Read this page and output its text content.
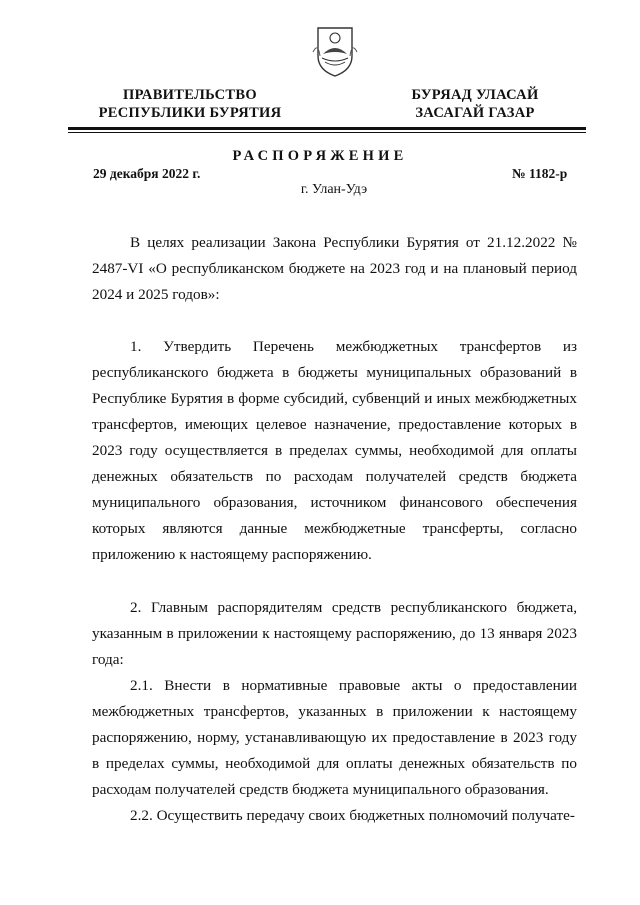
ПРАВИТЕЛЬСТВО
РЕСПУБЛИКИ БУРЯТИЯ
БУРЯАД УЛАСАЙ
ЗАСАГАЙ ГАЗАР
РАСПОРЯЖЕНИЕ
29 декабря 2022 г.	№ 1182-р
г. Улан-Удэ
В целях реализации Закона Республики Бурятия от 21.12.2022 № 2487-VI «О республиканском бюджете на 2023 год и на плановый период 2024 и 2025 годов»:
1. Утвердить Перечень межбюджетных трансфертов из республиканского бюджета в бюджеты муниципальных образований в Республике Бурятия в форме субсидий, субвенций и иных межбюджетных трансфертов, имеющих целевое назначение, предоставление которых в 2023 году осуществляется в пределах суммы, необходимой для оплаты денежных обязательств по расходам получателей средств бюджета муниципального образования, источником финансового обеспечения которых являются данные межбюджетные трансферты, согласно приложению к настоящему распоряжению.
2. Главным распорядителям средств республиканского бюджета, указанным в приложении к настоящему распоряжению, до 13 января 2023 года:
2.1. Внести в нормативные правовые акты о предоставлении межбюджетных трансфертов, указанных в приложении к настоящему распоряжению, норму, устанавливающую их предоставление в 2023 году в пределах суммы, необходимой для оплаты денежных обязательств по расходам получателей средств бюджета муниципального образования.
2.2. Осуществить передачу своих бюджетных полномочий получате-
